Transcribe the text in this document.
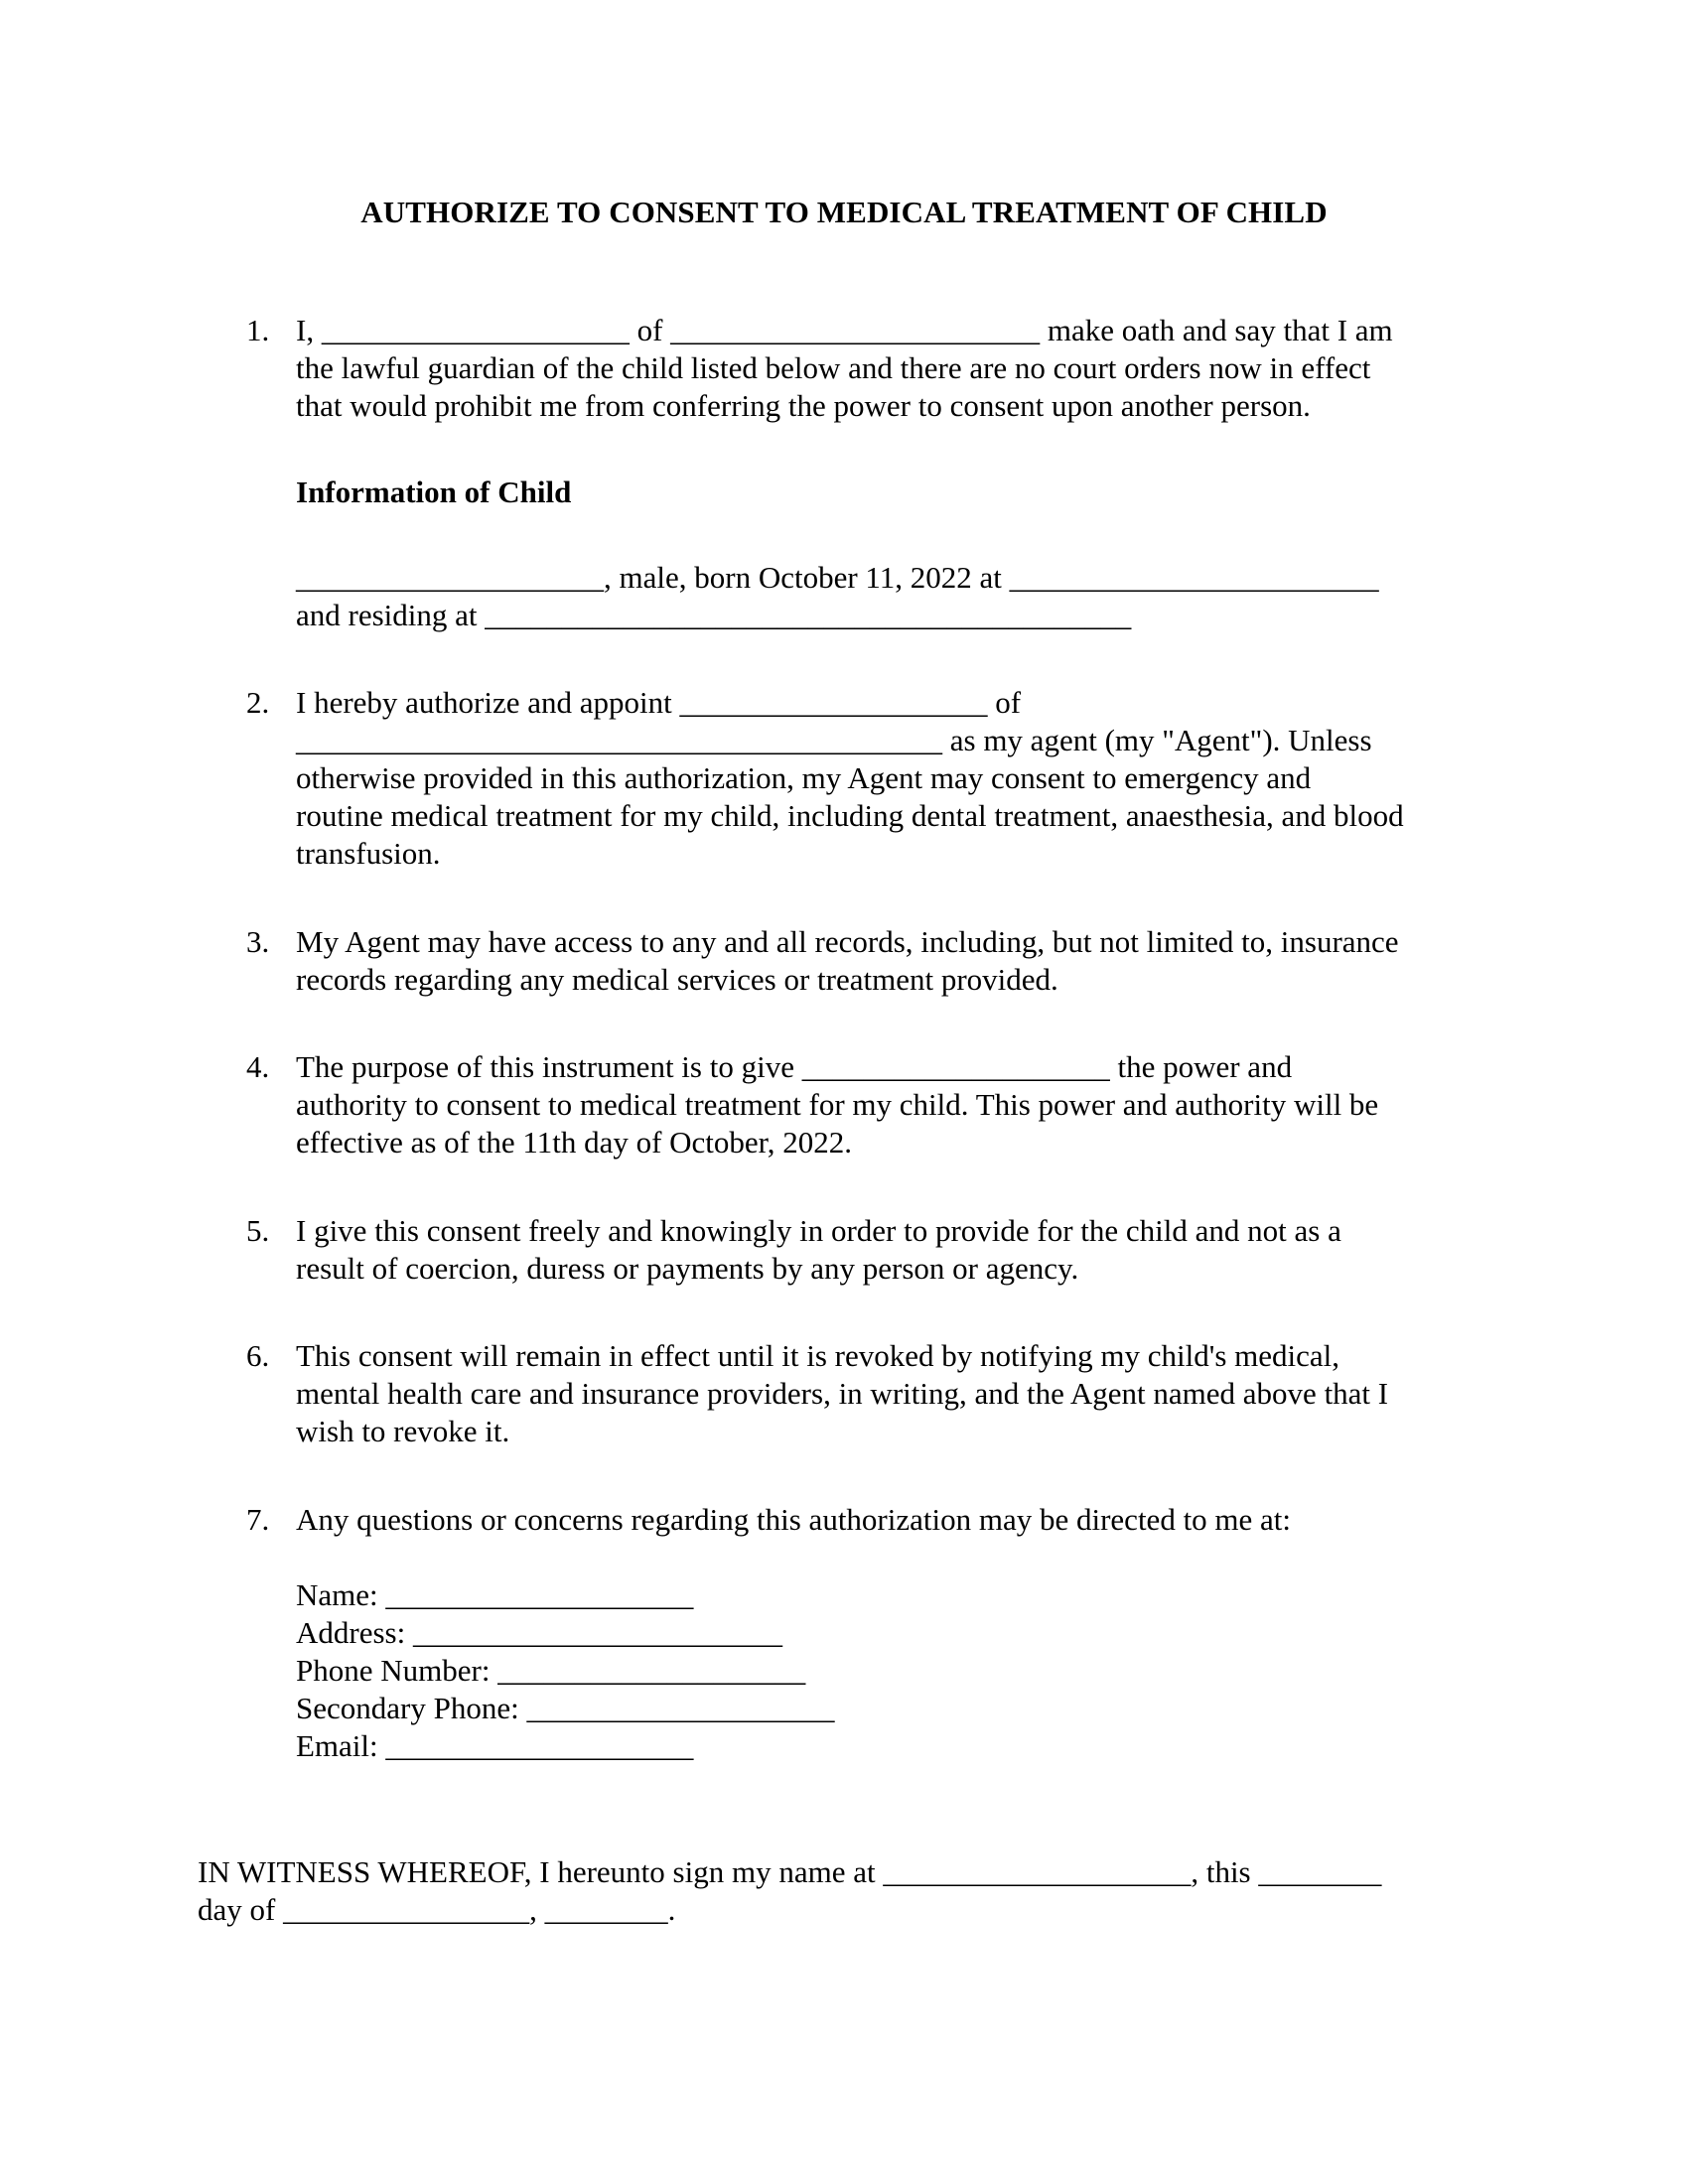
AUTHORIZE TO CONSENT TO MEDICAL TREATMENT OF CHILD
1. I, ____________________ of ________________________ make oath and say that I am
the lawful guardian of the child listed below and there are no court orders now in effect
that would prohibit me from conferring the power to consent upon another person.
Information of Child
____________________, male, born October 11, 2022 at ________________________
and residing at __________________________________________
2. I hereby authorize and appoint ____________________ of
__________________________________________ as my agent (my "Agent"). Unless
otherwise provided in this authorization, my Agent may consent to emergency and
routine medical treatment for my child, including dental treatment, anaesthesia, and blood
transfusion.
3. My Agent may have access to any and all records, including, but not limited to, insurance
records regarding any medical services or treatment provided.
4. The purpose of this instrument is to give ____________________ the power and
authority to consent to medical treatment for my child. This power and authority will be
effective as of the 11th day of October, 2022.
5. I give this consent freely and knowingly in order to provide for the child and not as a
result of coercion, duress or payments by any person or agency.
6. This consent will remain in effect until it is revoked by notifying my child's medical,
mental health care and insurance providers, in writing, and the Agent named above that I
wish to revoke it.
7. Any questions or concerns regarding this authorization may be directed to me at:
Name: ____________________
Address: ________________________
Phone Number: ____________________
Secondary Phone: ____________________
Email: ____________________
IN WITNESS WHEREOF, I hereunto sign my name at ____________________, this ________
day of ________________, ________.
